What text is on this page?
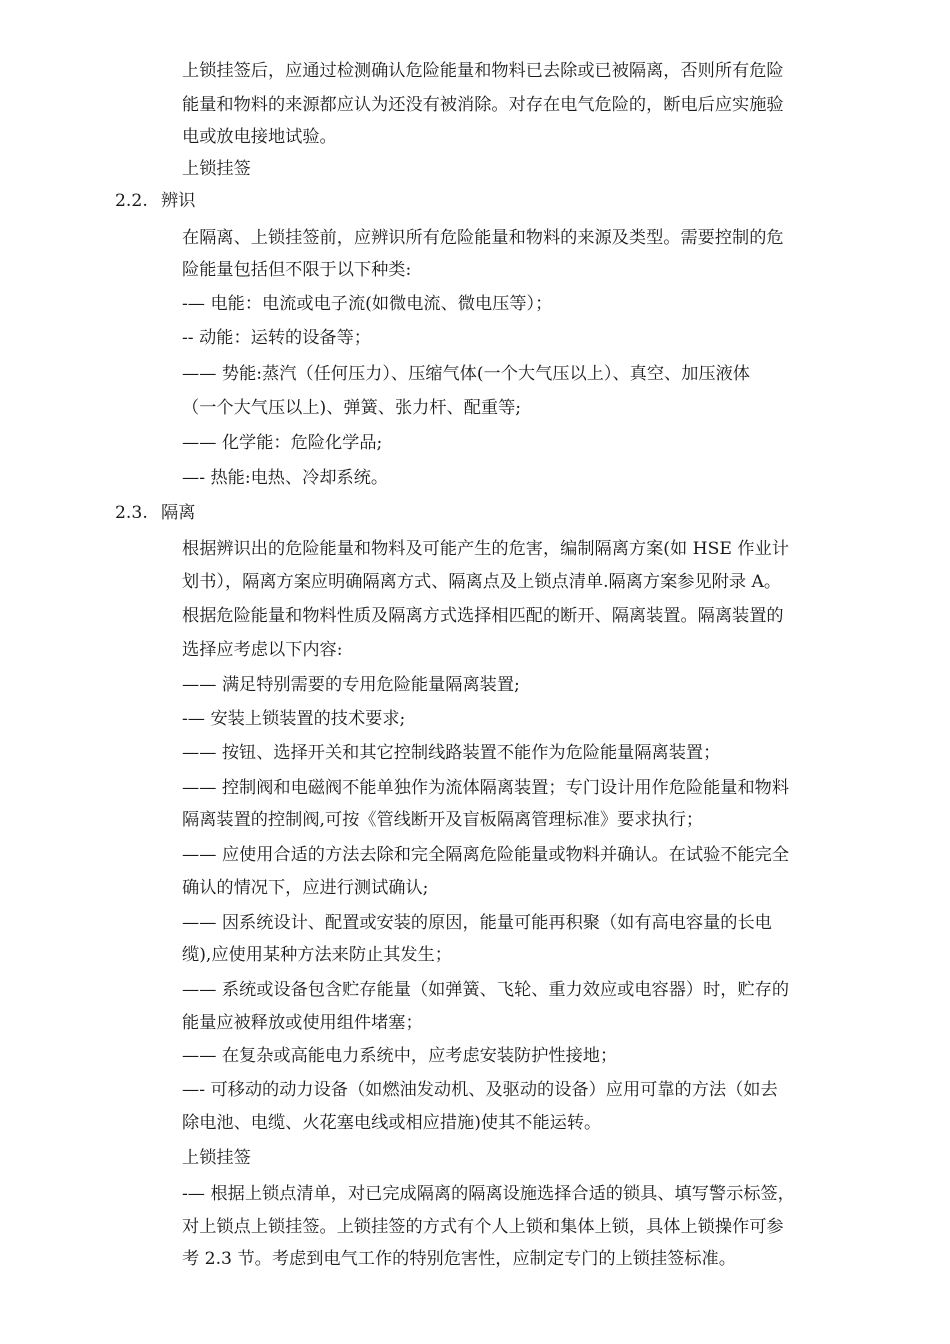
上锁挂签后，应通过检测确认危险能量和物料已去除或已被隔离，否则所有危险
能量和物料的来源都应认为还没有被消除。对存在电气危险的，断电后应实施验
电或放电接地试验。
上锁挂签
2.2. 辨识
在隔离、上锁挂签前，应辨识所有危险能量和物料的来源及类型。需要控制的危
险能量包括但不限于以下种类:
-— 电能：电流或电子流(如微电流、微电压等）；
-- 动能：运转的设备等；
—— 势能:蒸汽（任何压力）、压缩气体(一个大气压以上）、真空、加压液体
（一个大气压以上)、弹簧、张力杆、配重等;
—— 化学能：危险化学品;
—- 热能:电热、冷却系统。
2.3. 隔离
根据辨识出的危险能量和物料及可能产生的危害，编制隔离方案(如 HSE 作业计
划书），隔离方案应明确隔离方式、隔离点及上锁点清单.隔离方案参见附录 A。
根据危险能量和物料性质及隔离方式选择相匹配的断开、隔离装置。隔离装置的
选择应考虑以下内容:
—— 满足特别需要的专用危险能量隔离装置;
-— 安装上锁装置的技术要求;
—— 按钮、选择开关和其它控制线路装置不能作为危险能量隔离装置；
—— 控制阀和电磁阀不能单独作为流体隔离装置；专门设计用作危险能量和物料
隔离装置的控制阀,可按《管线断开及盲板隔离管理标准》要求执行；
—— 应使用合适的方法去除和完全隔离危险能量或物料并确认。在试验不能完全
确认的情况下，应进行测试确认;
—— 因系统设计、配置或安装的原因，能量可能再积聚（如有高电容量的长电
缆),应使用某种方法来防止其发生；
—— 系统或设备包含贮存能量（如弹簧、飞轮、重力效应或电容器）时，贮存的
能量应被释放或使用组件堵塞；
—— 在复杂或高能电力系统中，应考虑安装防护性接地；
—- 可移动的动力设备（如燃油发动机、及驱动的设备）应用可靠的方法（如去
除电池、电缆、火花塞电线或相应措施)使其不能运转。
上锁挂签
-— 根据上锁点清单，对已完成隔离的隔离设施选择合适的锁具、填写警示标签，
对上锁点上锁挂签。上锁挂签的方式有个人上锁和集体上锁，具体上锁操作可参
考 2.3 节。考虑到电气工作的特别危害性，应制定专门的上锁挂签标准。
